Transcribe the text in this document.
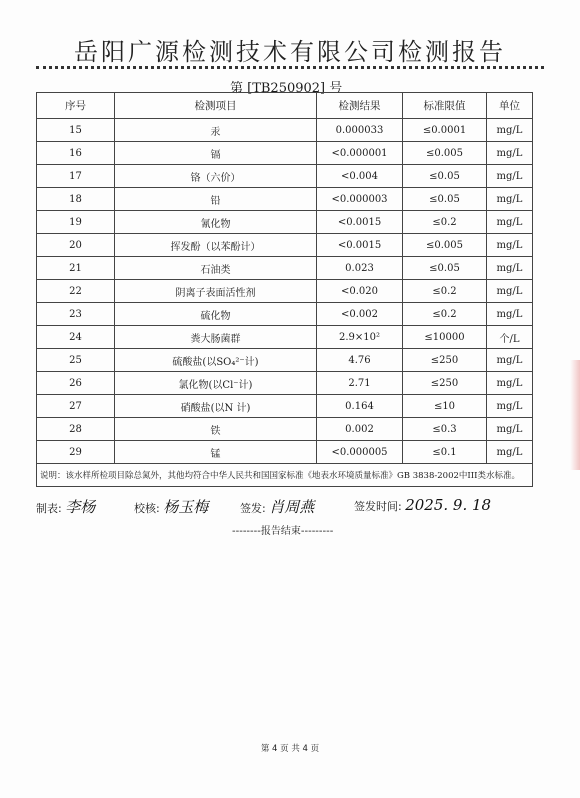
岳阳广源检测技术有限公司检测报告
第 [TB250902] 号
序号	检测项目	检测结果	标准限值	单位
15	汞	0.000033	≤0.0001	mg/L
16	镉	<0.000001	≤0.005	mg/L
17	铬（六价）	<0.004	≤0.05	mg/L
18	铅	<0.000003	≤0.05	mg/L
19	氰化物	<0.0015	≤0.2	mg/L
20	挥发酚（以苯酚计）	<0.0015	≤0.005	mg/L
21	石油类	0.023	≤0.05	mg/L
22	阴离子表面活性剂	<0.020	≤0.2	mg/L
23	硫化物	<0.002	≤0.2	mg/L
24	粪大肠菌群	2.9×10²	≤10000	个/L
25	硫酸盐(以SO₄²⁻计)	4.76	≤250	mg/L
26	氯化物(以Cl⁻计)	2.71	≤250	mg/L
27	硝酸盐(以N 计)	0.164	≤10	mg/L
28	铁	0.002	≤0.3	mg/L
29	锰	<0.000005	≤0.1	mg/L
说明：该水样所检项目除总氮外，其他均符合中华人民共和国国家标准《地表水环境质量标准》GB 3838-2002中III类水标准。				
制表: 李杨	校核: 杨玉梅	签发: 肖周燕	签发时间: 2025. 9. 18
--------报告结束---------
第 4 页 共 4 页
